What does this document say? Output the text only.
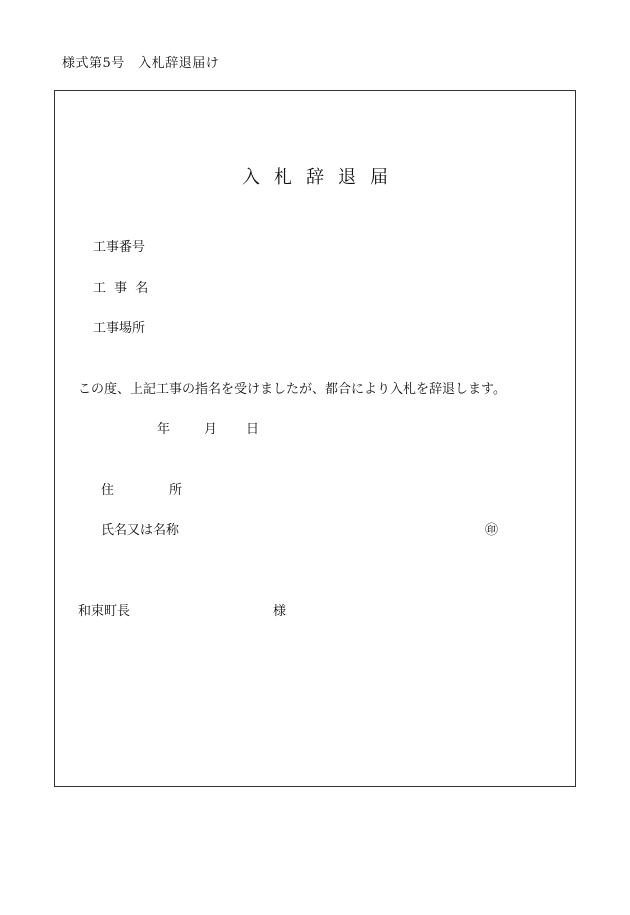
様式第5号　入札辞退届け
入札辞退届
工事番号
工 事 名
工事場所
この度、上記工事の指名を受けましたが、都合により入札を辞退します。
年	月 日
住	所
氏名又は名称	㊞
和束町長	様
